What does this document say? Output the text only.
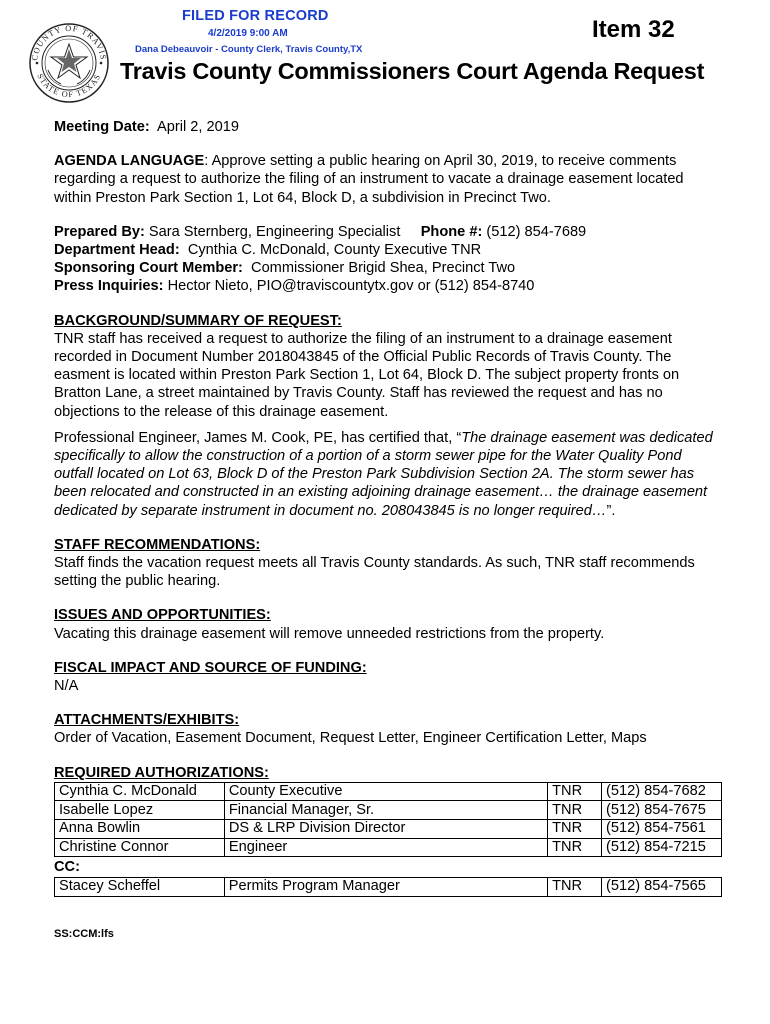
FILED FOR RECORD
4/2/2019 9:00 AM
Dana Debeauvoir - County Clerk, Travis County,TX
COUNTY OF TRAVIS
STATE OF TEXAS
Item 32
Travis County Commissioners Court Agenda Request

Meeting Date: April 2, 2019

AGENDA LANGUAGE: Approve setting a public hearing on April 30, 2019, to receive comments regarding a request to authorize the filing of an instrument to vacate a drainage easement located within Preston Park Section 1, Lot 64, Block D, a subdivision in Precinct Two.

Prepared By: Sara Sternberg, Engineering Specialist Phone #: (512) 854-7689

Department Head: Cynthia C. McDonald, County Executive TNR

Sponsoring Court Member: Commissioner Brigid Shea, Precinct Two

Press Inquiries: Hector Nieto, PIO@traviscountytx.gov or (512) 854-8740

BACKGROUND/SUMMARY OF REQUEST:

TNR staff has received a request to authorize the filing of an instrument to a drainage easement recorded in Document Number 2018043845 of the Official Public Records of Travis County. The easment is located within Preston Park Section 1, Lot 64, Block D. The subject property fronts on Bratton Lane, a street maintained by Travis County. Staff has reviewed the request and has no objections to the release of this drainage easement.

Professional Engineer, James M. Cook, PE, has certified that, “The drainage easement was dedicated specifically to allow the construction of a portion of a storm sewer pipe for the Water Quality Pond outfall located on Lot 63, Block D of the Preston Park Subdivision Section 2A. The storm sewer has been relocated and constructed in an existing adjoining drainage easement… the drainage easement dedicated by separate instrument in document no. 208043845 is no longer required…”.

STAFF RECOMMENDATIONS:

Staff finds the vacation request meets all Travis County standards. As such, TNR staff recommends setting the public hearing.

ISSUES AND OPPORTUNITIES:

Vacating this drainage easement will remove unneeded restrictions from the property.

FISCAL IMPACT AND SOURCE OF FUNDING:

N/A

ATTACHMENTS/EXHIBITS:

Order of Vacation, Easement Document, Request Letter, Engineer Certification Letter, Maps

REQUIRED AUTHORIZATIONS:

Cynthia C. McDonald	County Executive	TNR	(512) 854-7682
Isabelle Lopez	Financial Manager, Sr.	TNR	(512) 854-7675
Anna Bowlin	DS & LRP Division Director	TNR	(512) 854-7561
Christine Connor	Engineer	TNR	(512) 854-7215

CC:

Stacey Scheffel	Permits Program Manager	TNR	(512) 854-7565
SS:CCM:lfs
